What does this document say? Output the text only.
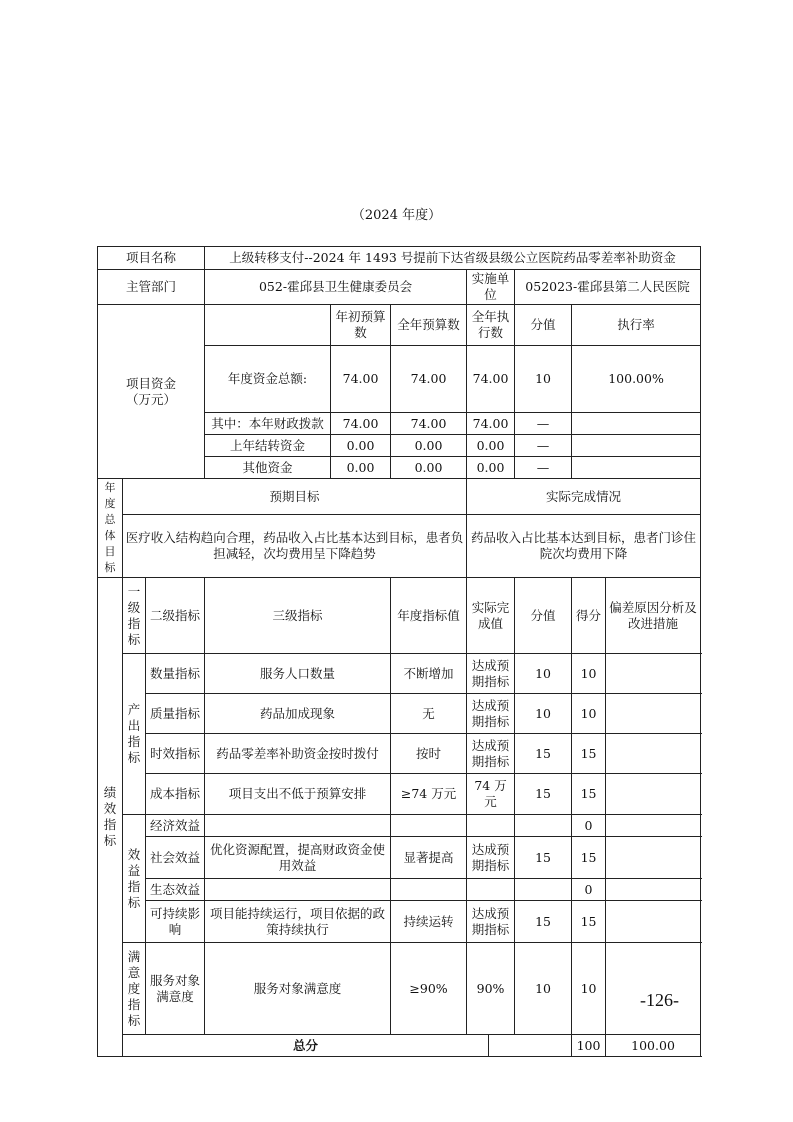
（2024 年度）
项目名称			上级转移支付--2024 年 1493 号提前下达省级县级公立医院药品零差率补助资金								
主管部门			052-霍邱县卫生健康委员会			实施单位		052023-霍邱县第二人民医院			
项目资金
（万元）				年初预算数	全年预算数	全年执行数		分值	执行率	
			年度资金总额:	74.00	74.00	74.00		10	100.00%	
			其中：本年财政拨款	74.00	74.00	74.00		—			
			上年结转资金	0.00	0.00	0.00		—			
			其他资金	0.00	0.00	0.00		—			
年度总体目标	预期目标					实际完成情况					
	医疗收入结构趋向合理，药品收入占比基本达到目标，患者负担减轻，次均费用呈下降趋势					药品收入占比基本达到目标，患者门诊住院次均费用下降					
绩效指标	一级指标	二级指标	三级指标		年度指标值	实际完成值		分值	得分	偏差原因分析及改进措施	
	产出指标	数量指标	服务人口数量		不断增加	达成预期指标		10	10		
		质量指标	药品加成现象		无	达成预期指标		10	10		
		时效指标	药品零差率补助资金按时拨付		按时	达成预期指标		15	15		
		成本指标	项目支出不低于预算安排		≥74 万元	74 万元		15	15		
	效益指标	经济效益							0		
		社会效益	优化资源配置，提高财政资金使用效益		显著提高	达成预期指标		15	15		
		生态效益							0		
		可持续影响	项目能持续运行，项目依据的政策持续执行		持续运转	达成预期指标		15	15		
	满意度指标	服务对象满意度	服务对象满意度		≥90%	90%		10	10		
	总分								100	100.00	
-126-
